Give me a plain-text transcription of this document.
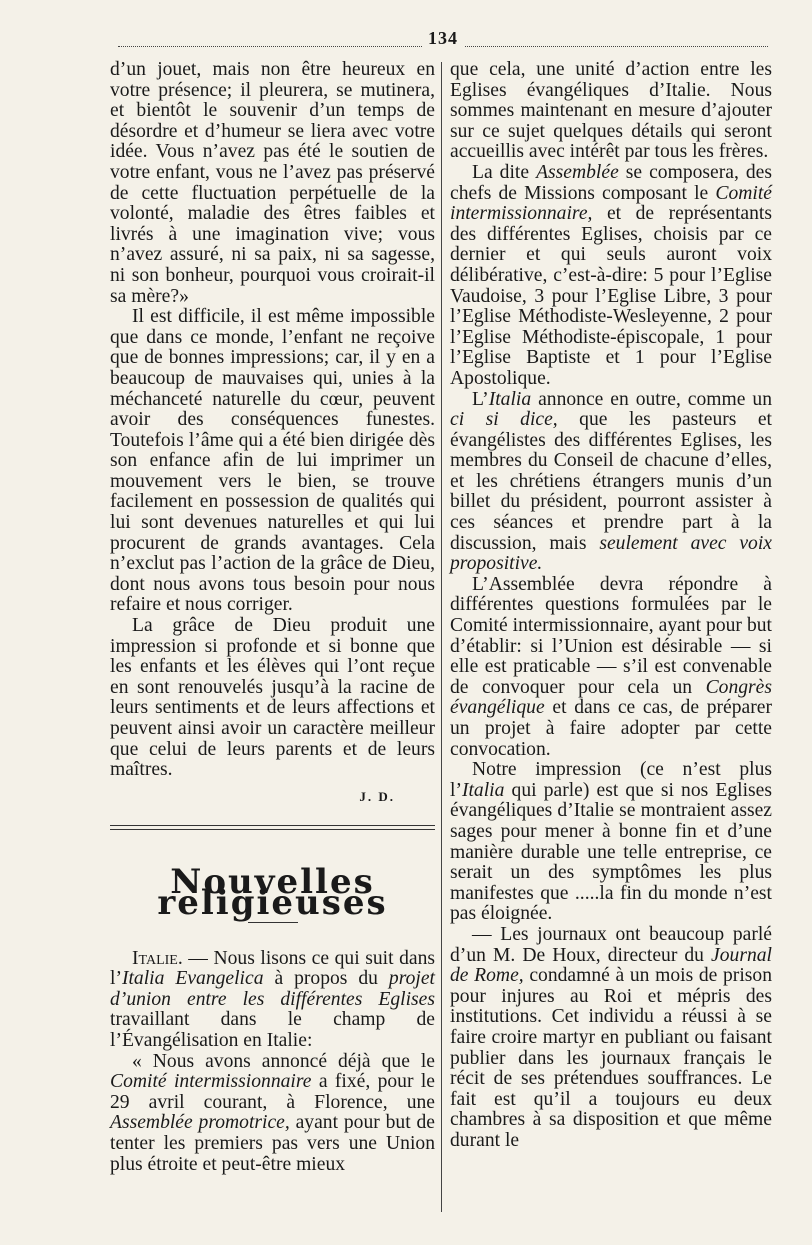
134

d’un jouet, mais non être heureux en votre présence; il pleurera, se mutinera, et bientôt le souvenir d’un temps de désordre et d’humeur se liera avec votre idée. Vous n’avez pas été le soutien de votre enfant, vous ne l’avez pas préservé de cette fluctuation perpétuelle de la volonté, maladie des êtres faibles et livrés à une imagination vive; vous n’avez assuré, ni sa paix, ni sa sagesse, ni son bonheur, pourquoi vous croirait-il sa mère?»

Il est difficile, il est même impossible que dans ce monde, l’enfant ne reçoive que de bonnes impressions; car, il y en a beaucoup de mauvaises qui, unies à la méchanceté naturelle du cœur, peuvent avoir des conséquences funestes. Toutefois l’âme qui a été bien dirigée dès son enfance afin de lui imprimer un mouvement vers le bien, se trouve facilement en possession de qualités qui lui sont devenues naturelles et qui lui procurent de grands avantages. Cela n’exclut pas l’action de la grâce de Dieu, dont nous avons tous besoin pour nous refaire et nous corriger.

La grâce de Dieu produit une impression si profonde et si bonne que les enfants et les élèves qui l’ont reçue en sont renouvelés jusqu’à la racine de leurs sentiments et de leurs affections et peuvent ainsi avoir un caractère meilleur que celui de leurs parents et de leurs maîtres.

J. D.
Nouvelles religieuses

Italie. — Nous lisons ce qui suit dans l’Italia Evangelica à propos du projet d’union entre les différentes Eglises travaillant dans le champ de l’Évangélisation en Italie:

« Nous avons annoncé déjà que le Comité intermissionnaire a fixé, pour le 29 avril courant, à Florence, une Assemblée promotrice, ayant pour but de tenter les premiers pas vers une Union plus étroite et peut-être mieux

que cela, une unité d’action entre les Eglises évangéliques d’Italie. Nous sommes maintenant en mesure d’ajouter sur ce sujet quelques détails qui seront accueillis avec intérêt par tous les frères.

La dite Assemblée se composera, des chefs de Missions composant le Comité intermissionnaire, et de représentants des différentes Eglises, choisis par ce dernier et qui seuls auront voix délibérative, c’est-à-dire: 5 pour l’Eglise Vaudoise, 3 pour l’Eglise Libre, 3 pour l’Eglise Méthodiste-Wesleyenne, 2 pour l’Eglise Méthodiste-épiscopale, 1 pour l’Eglise Baptiste et 1 pour l’Eglise Apostolique.

L’Italia annonce en outre, comme un ci si dice, que les pasteurs et évangélistes des différentes Eglises, les membres du Conseil de chacune d’elles, et les chrétiens étrangers munis d’un billet du président, pourront assister à ces séances et prendre part à la discussion, mais seulement avec voix propositive.

L’Assemblée devra répondre à différentes questions formulées par le Comité intermissionnaire, ayant pour but d’établir: si l’Union est désirable — si elle est praticable — s’il est convenable de convoquer pour cela un Congrès évangélique et dans ce cas, de préparer un projet à faire adopter par cette convocation.

Notre impression (ce n’est plus l’Italia qui parle) est que si nos Eglises évangéliques d’Italie se montraient assez sages pour mener à bonne fin et d’une manière durable une telle entreprise, ce serait un des symptômes les plus manifestes que .....la fin du monde n’est pas éloignée.

— Les journaux ont beaucoup parlé d’un M. De Houx, directeur du Journal de Rome, condamné à un mois de prison pour injures au Roi et mépris des institutions. Cet individu a réussi à se faire croire martyr en publiant ou faisant publier dans les journaux français le récit de ses prétendues souffrances. Le fait est qu’il a toujours eu deux chambres à sa disposition et que même durant le
